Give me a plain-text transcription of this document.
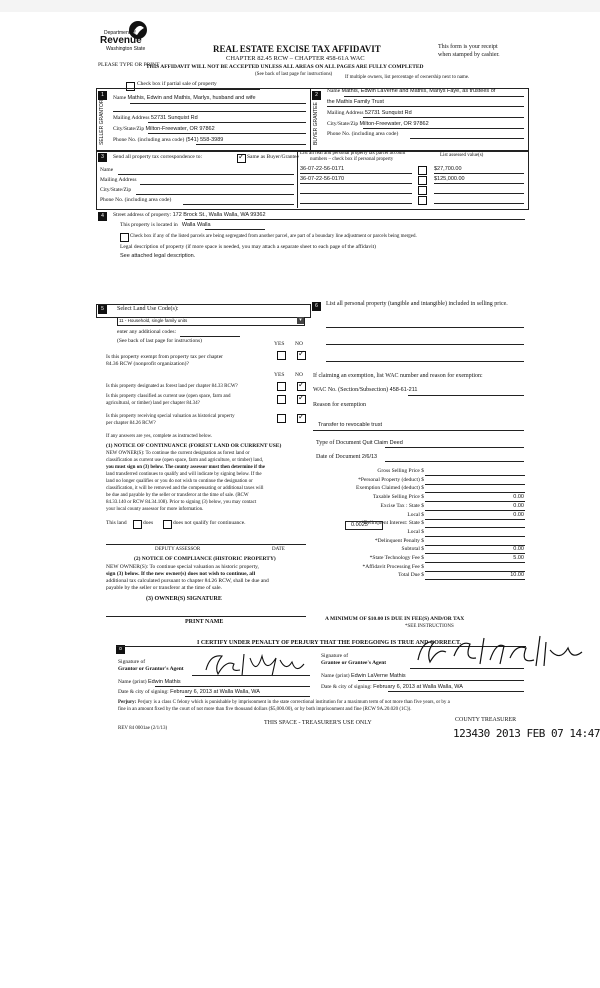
Department of
Revenue
Washington State
PLEASE TYPE OR PRINT
REAL ESTATE EXCISE TAX AFFIDAVIT
CHAPTER 82.45 RCW – CHAPTER 458-61A WAC
THIS AFFIDAVIT WILL NOT BE ACCEPTED UNLESS ALL AREAS ON ALL PAGES ARE FULLY COMPLETED
(See back of last page for instructions)
This form is your receipt
when stamped by cashier.
Check box if partial sale of property
If multiple owners, list percentage of ownership next to name.
1	2
SELLER GRANTOR	BUYER GRANTEE
Name Mathis, Edwin and Mathis, Marlys, husband and wife
Mailing Address 52731 Sunquist Rd
City/State/Zip Milton-Freewater, OR 97862
Phone No. (including area code) (541) 558-3989
Name Mathis, Edwin LaVerne and Mathis, Marlys Faye, as trustees of
the Mathis Family Trust
Mailing Address 52731 Sunquist Rd
City/State/Zip Milton-Freewater, OR 97862
Phone No. (including area code)
3	Send all property tax correspondence to:
✓	Same as Buyer/Grantee
Name
Mailing Address
City/State/Zip
Phone No. (including area code)
List all real and personal property tax parcel account
numbers – check box if personal property
List assessed value(s)
36-07-22-56-0171	$27,700.00
36-07-22-56-0170	$125,000.00
4	Street address of property: 172 Brock St., Walla Walla, WA 99362
This property is located in Walla Walla
Check box if any of the listed parcels are being segregated from another parcel, are part of a boundary line adjustment or parcels being merged.
Legal description of property (if more space is needed, you may attach a separate sheet to each page of the affidavit)
See attached legal description.
5	Select Land Use Code(s):
11 - Household, single family units	▾
enter any additional codes:
(See back of last page for instructions)	YES NO
Is this property exempt from property tax per chapter
84.36 RCW (nonprofit organization)?
✓
YES NO
Is this property designated as forest land per chapter 84.33 RCW?
✓
Is this property classified as current use (open space, farm and
agricultural, or timber) land per chapter 84.34?
✓
Is this property receiving special valuation as historical property
per chapter 84.26 RCW?
✓
If any answers are yes, complete as instructed below.
(1) NOTICE OF CONTINUANCE (FOREST LAND OR CURRENT USE)
NEW OWNER(S): To continue the current designation as forest land or
classification as current use (open space, farm and agriculture, or timber) land,
you must sign on (3) below. The county assessor must then determine if the
land transferred continues to qualify and will indicate by signing below. If the
land no longer qualifies or you do not wish to continue the designation or
classification, it will be removed and the compensating or additional taxes will
be due and payable by the seller or transferor at the time of sale. (RCW
84.33.140 or RCW 84.34.108). Prior to signing (3) below, you may contact
your local county assessor for more information.
This land	does	does not qualify for continuance.
DEPUTY ASSESSOR	DATE
(2) NOTICE OF COMPLIANCE (HISTORIC PROPERTY)
NEW OWNER(S): To continue special valuation as historic property,
sign (3) below. If the new owner(s) does not wish to continue, all
additional tax calculated pursuant to chapter 84.26 RCW, shall be due and
payable by the seller or transferor at the time of sale.
(3) OWNER(S) SIGNATURE
PRINT NAME
6	List all personal property (tangible and intangible) included in selling price.
If claiming an exemption, list WAC number and reason for exemption:
WAC No. (Section/Subsection) 458-61-211
Reason for exemption
Transfer to revocable trust
Type of Document Quit Claim Deed
Date of Document 2/6/13
Gross Selling Price $
*Personal Property (deduct) $
Exemption Claimed (deduct) $
Taxable Selling Price $	0.00
Excise Tax : State $	0.00
Local $	0.00
*Delinquent Interest: State $
Local $
*Delinquent Penalty $
Subtotal $	0.00
*State Technology Fee $	5.00
*Affidavit Processing Fee $
Total Due $	10.00
0.0025
A MINIMUM OF $10.00 IS DUE IN FEE(S) AND/OR TAX
*SEE INSTRUCTIONS
8
I CERTIFY UNDER PENALTY OF PERJURY THAT THE FOREGOING IS TRUE AND CORRECT.
Signature of
Grantor or Grantor's Agent
Name (print) Edwin Mathis
Date & city of signing: February 6, 2013 at Walla Walla, WA
Signature of
Grantee or Grantee's Agent
Name (print) Edwin LaVerne Mathis
Date & city of signing: February 6, 2013 at Walla Walla, WA
Perjury: Perjury is a class C felony which is punishable by imprisonment in the state correctional institution for a maximum term of not more than five years, or by a
fine in an amount fixed by the court of not more than five thousand dollars ($5,000.00), or by both imprisonment and fine (RCW 9A.20.020 (1C)).
REV 84 0001ae (2/1/13)
THIS SPACE - TREASURER'S USE ONLY	COUNTY TREASURER
123430 2013 FEB 07 14:47
